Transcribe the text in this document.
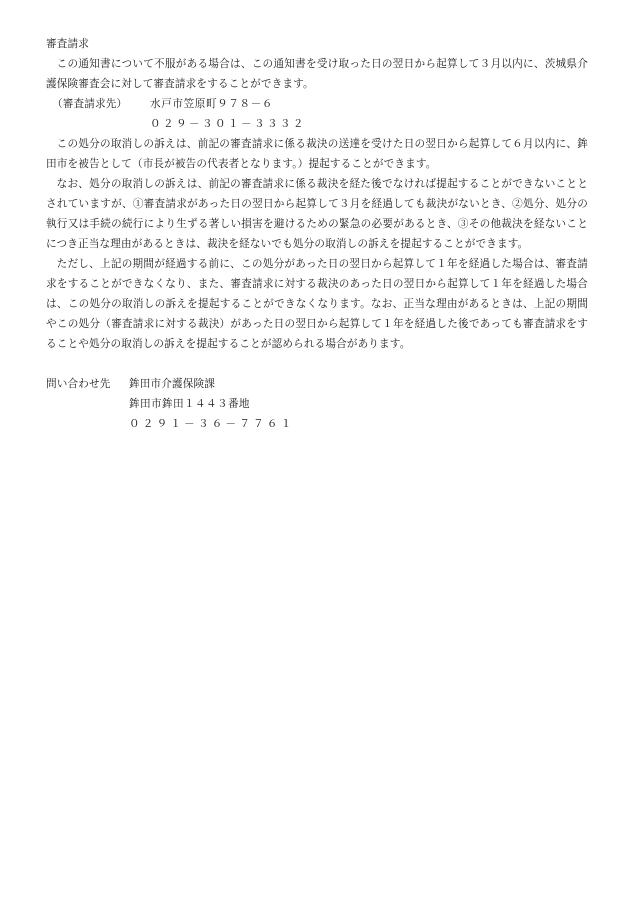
審査請求

この通知書について不服がある場合は、この通知書を受け取った日の翌日から起算して３月以内に、茨城県介護保険審査会に対して審査請求をすることができます。

（審査請求先）	水戸市笠原町９７８－６
０２９－３０１－３３３２

この処分の取消しの訴えは、前記の審査請求に係る裁決の送達を受けた日の翌日から起算して６月以内に、鉾田市を被告として（市長が被告の代表者となります。）提起することができます。

なお、処分の取消しの訴えは、前記の審査請求に係る裁決を経た後でなければ提起することができないこととされていますが、①審査請求があった日の翌日から起算して３月を経過しても裁決がないとき、②処分、処分の執行又は手続の続行により生ずる著しい損害を避けるための緊急の必要があるとき、③その他裁決を経ないことにつき正当な理由があるときは、裁決を経ないでも処分の取消しの訴えを提起することができます。

ただし、上記の期間が経過する前に、この処分があった日の翌日から起算して１年を経過した場合は、審査請求をすることができなくなり、また、審査請求に対する裁決のあった日の翌日から起算して１年を経過した場合は、この処分の取消しの訴えを提起することができなくなります。なお、正当な理由があるときは、上記の期間やこの処分（審査請求に対する裁決）があった日の翌日から起算して１年を経過した後であっても審査請求をすることや処分の取消しの訴えを提起することが認められる場合があります。

問い合わせ先	鉾田市介護保険課
鉾田市鉾田１４４３番地
０２９１－３６－７７６１
